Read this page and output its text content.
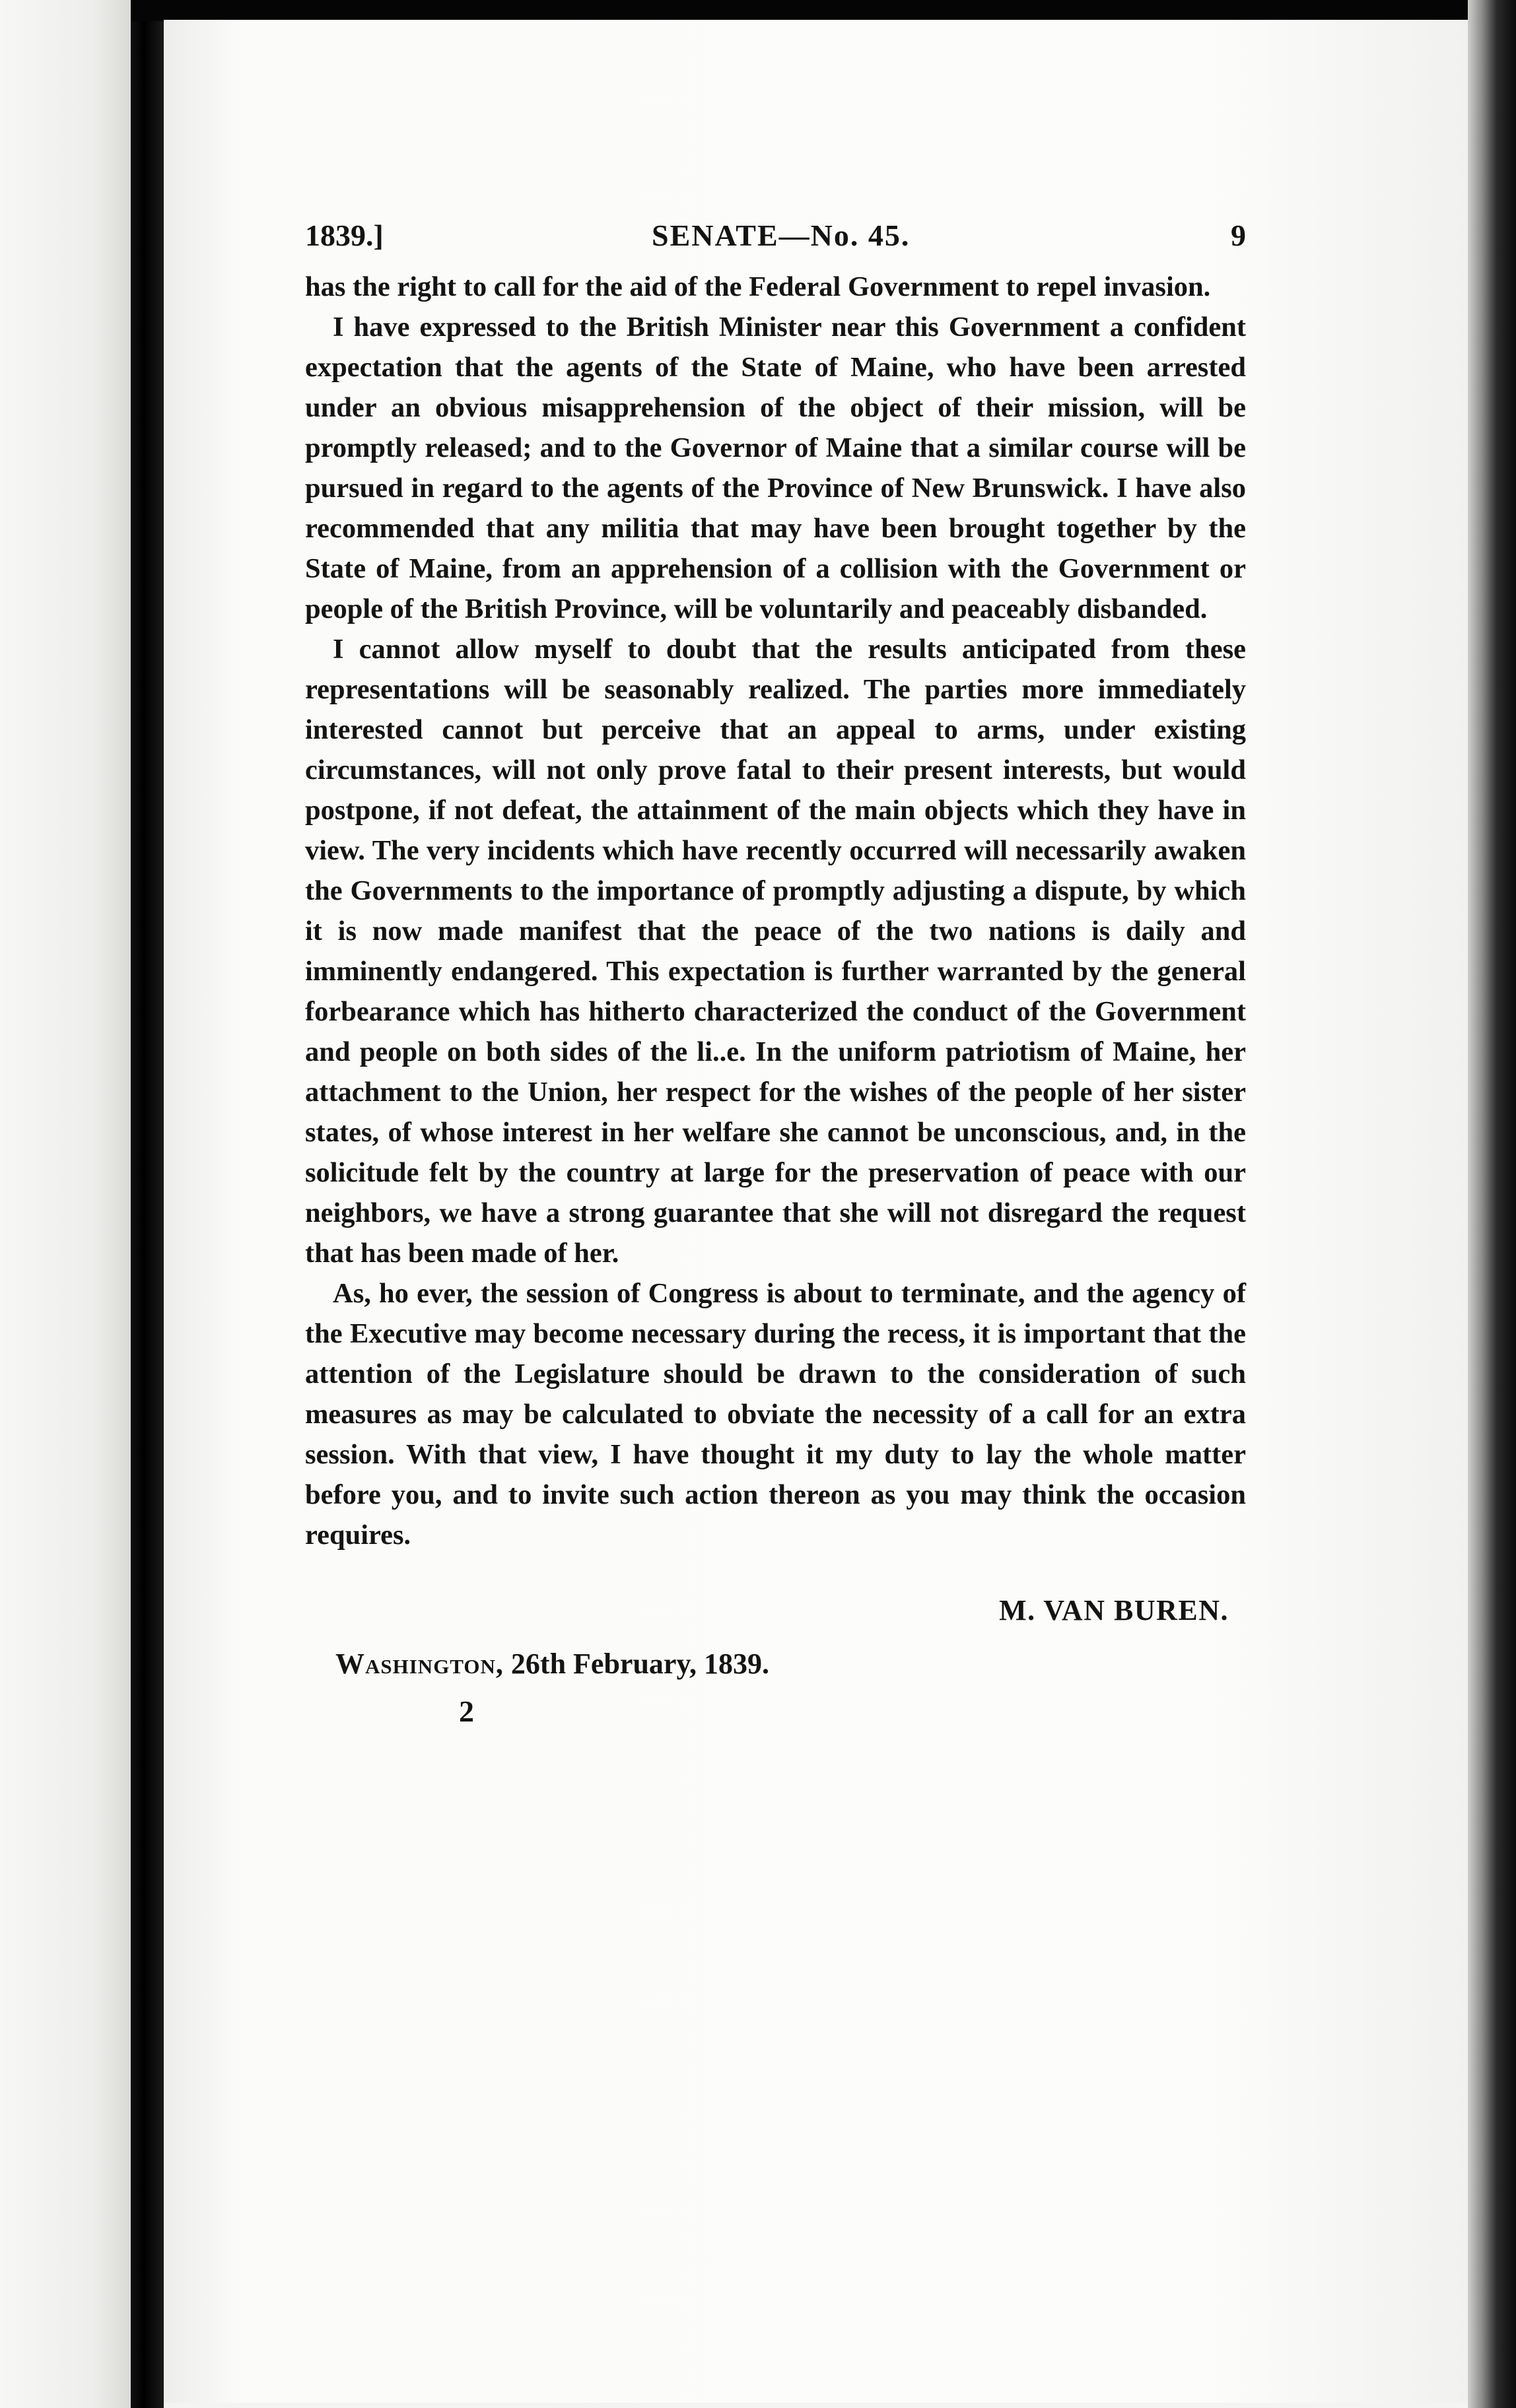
1839.]	SENATE—No. 45.	9

has the right to call for the aid of the Federal Government to repel invasion.

I have expressed to the British Minister near this Government a confident expectation that the agents of the State of Maine, who have been arrested under an obvious misapprehension of the object of their mission, will be promptly released; and to the Governor of Maine that a similar course will be pursued in regard to the agents of the Province of New Brunswick. I have also recommended that any militia that may have been brought together by the State of Maine, from an apprehension of a collision with the Government or people of the British Province, will be voluntarily and peaceably disbanded.

I cannot allow myself to doubt that the results anticipated from these representations will be seasonably realized. The parties more immediately interested cannot but perceive that an appeal to arms, under existing circumstances, will not only prove fatal to their present interests, but would postpone, if not defeat, the attainment of the main objects which they have in view. The very incidents which have recently occurred will necessarily awaken the Governments to the importance of promptly adjusting a dispute, by which it is now made manifest that the peace of the two nations is daily and imminently endangered. This expectation is further warranted by the general forbearance which has hitherto characterized the conduct of the Government and people on both sides of the li..e. In the uniform patriotism of Maine, her attachment to the Union, her respect for the wishes of the people of her sister states, of whose interest in her welfare she cannot be unconscious, and, in the solicitude felt by the country at large for the preservation of peace with our neighbors, we have a strong guarantee that she will not disregard the request that has been made of her.

As, ho ever, the session of Congress is about to terminate, and the agency of the Executive may become necessary during the recess, it is important that the attention of the Legislature should be drawn to the consideration of such measures as may be calculated to obviate the necessity of a call for an extra session. With that view, I have thought it my duty to lay the whole matter before you, and to invite such action thereon as you may think the occasion requires.

M. VAN BUREN.
Washington, 26th February, 1839.
2
